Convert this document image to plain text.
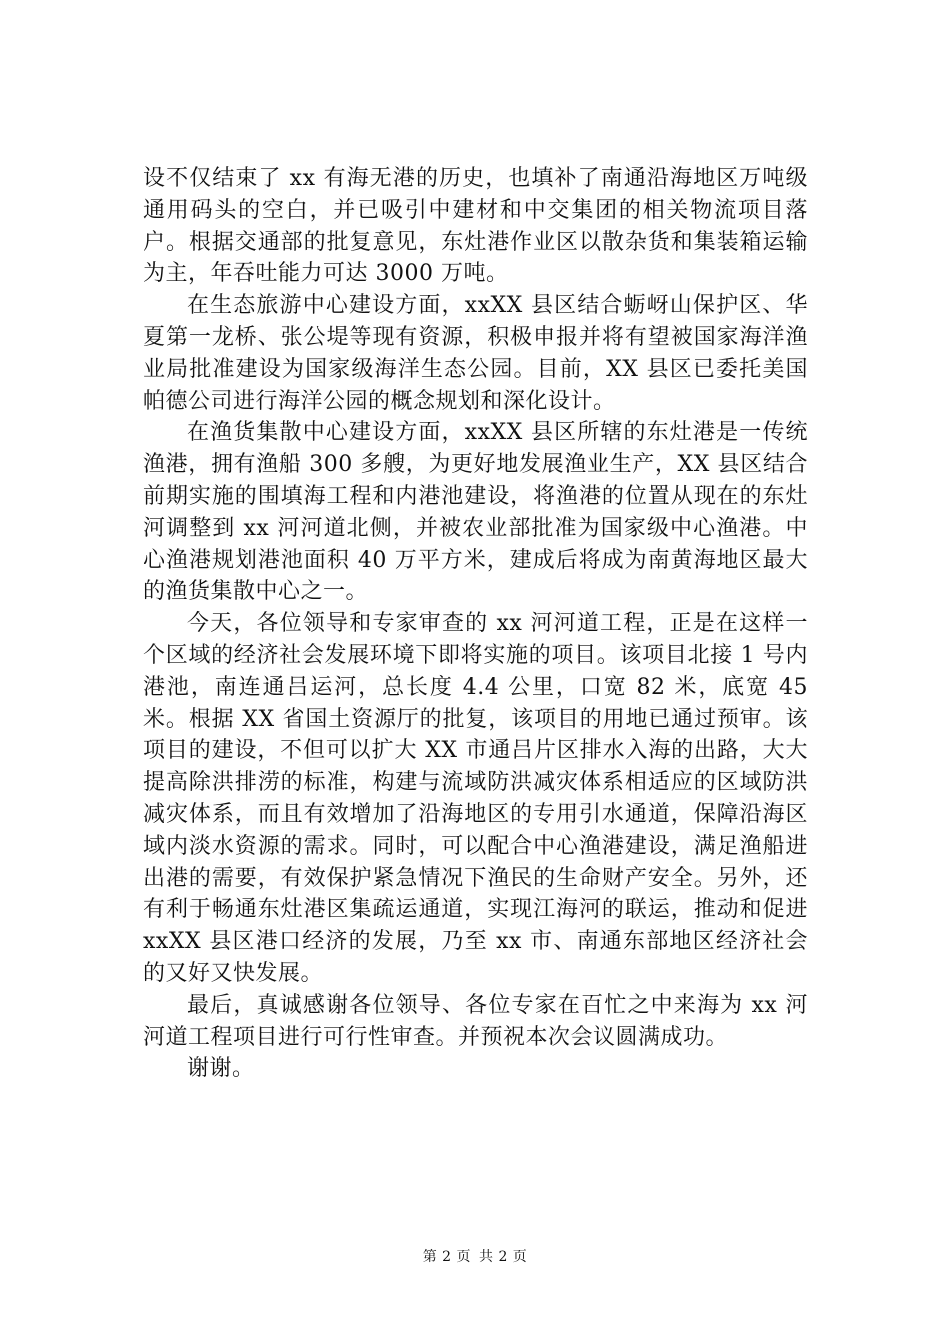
设不仅结束了 xx 有海无港的历史，也填补了南通沿海地区万吨级通用码头的空白，并已吸引中建材和中交集团的相关物流项目落户。根据交通部的批复意见，东灶港作业区以散杂货和集装箱运输为主，年吞吐能力可达 3000 万吨。

在生态旅游中心建设方面，xxXX 县区结合蛎岈山保护区、华夏第一龙桥、张公堤等现有资源，积极申报并将有望被国家海洋渔业局批准建设为国家级海洋生态公园。目前，XX 县区已委托美国帕德公司进行海洋公园的概念规划和深化设计。

在渔货集散中心建设方面，xxXX 县区所辖的东灶港是一传统渔港，拥有渔船 300 多艘，为更好地发展渔业生产，XX 县区结合前期实施的围填海工程和内港池建设，将渔港的位置从现在的东灶河调整到 xx 河河道北侧，并被农业部批准为国家级中心渔港。中心渔港规划港池面积 40 万平方米，建成后将成为南黄海地区最大的渔货集散中心之一。

今天，各位领导和专家审查的 xx 河河道工程，正是在这样一个区域的经济社会发展环境下即将实施的项目。该项目北接 1 号内港池，南连通吕运河，总长度 4.4 公里，口宽 82 米，底宽 45 米。根据 XX 省国土资源厅的批复，该项目的用地已通过预审。该项目的建设，不但可以扩大 XX 市通吕片区排水入海的出路，大大提高除洪排涝的标准，构建与流域防洪减灾体系相适应的区域防洪减灾体系，而且有效增加了沿海地区的专用引水通道，保障沿海区域内淡水资源的需求。同时，可以配合中心渔港建设，满足渔船进出港的需要，有效保护紧急情况下渔民的生命财产安全。另外，还有利于畅通东灶港区集疏运通道，实现江海河的联运，推动和促进 xxXX 县区港口经济的发展，乃至 xx 市、南通东部地区经济社会的又好又快发展。

最后，真诚感谢各位领导、各位专家在百忙之中来海为 xx 河河道工程项目进行可行性审查。并预祝本次会议圆满成功。

谢谢。

第 2 页 共 2 页
